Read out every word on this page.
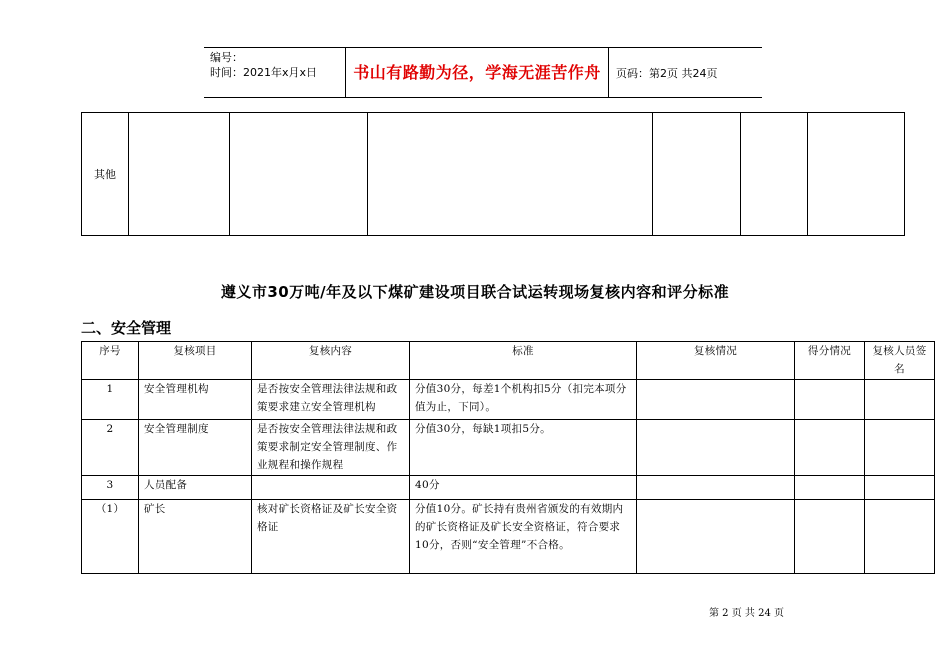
编号：
时间：2021年x月x日	书山有路勤为径，学海无涯苦作舟	页码：第2页 共24页
其他						
遵义市30万吨/年及以下煤矿建设项目联合试运转现场复核内容和评分标准
二、安全管理
序号	复核项目	复核内容	标准	复核情况	得分情况	复核人员签名
1	安全管理机构	是否按安全管理法律法规和政策要求建立安全管理机构	分值30分，每差1个机构扣5分（扣完本项分值为止，下同）。			
2	安全管理制度	是否按安全管理法律法规和政策要求制定安全管理制度、作业规程和操作规程	分值30分，每缺1项扣5分。			
3	人员配备		40分			
（1）	矿长	核对矿长资格证及矿长安全资格证	分值10分。矿长持有贵州省颁发的有效期内的矿长资格证及矿长安全资格证，符合要求10分，否则“安全管理”不合格。			
第 2 页 共 24 页
